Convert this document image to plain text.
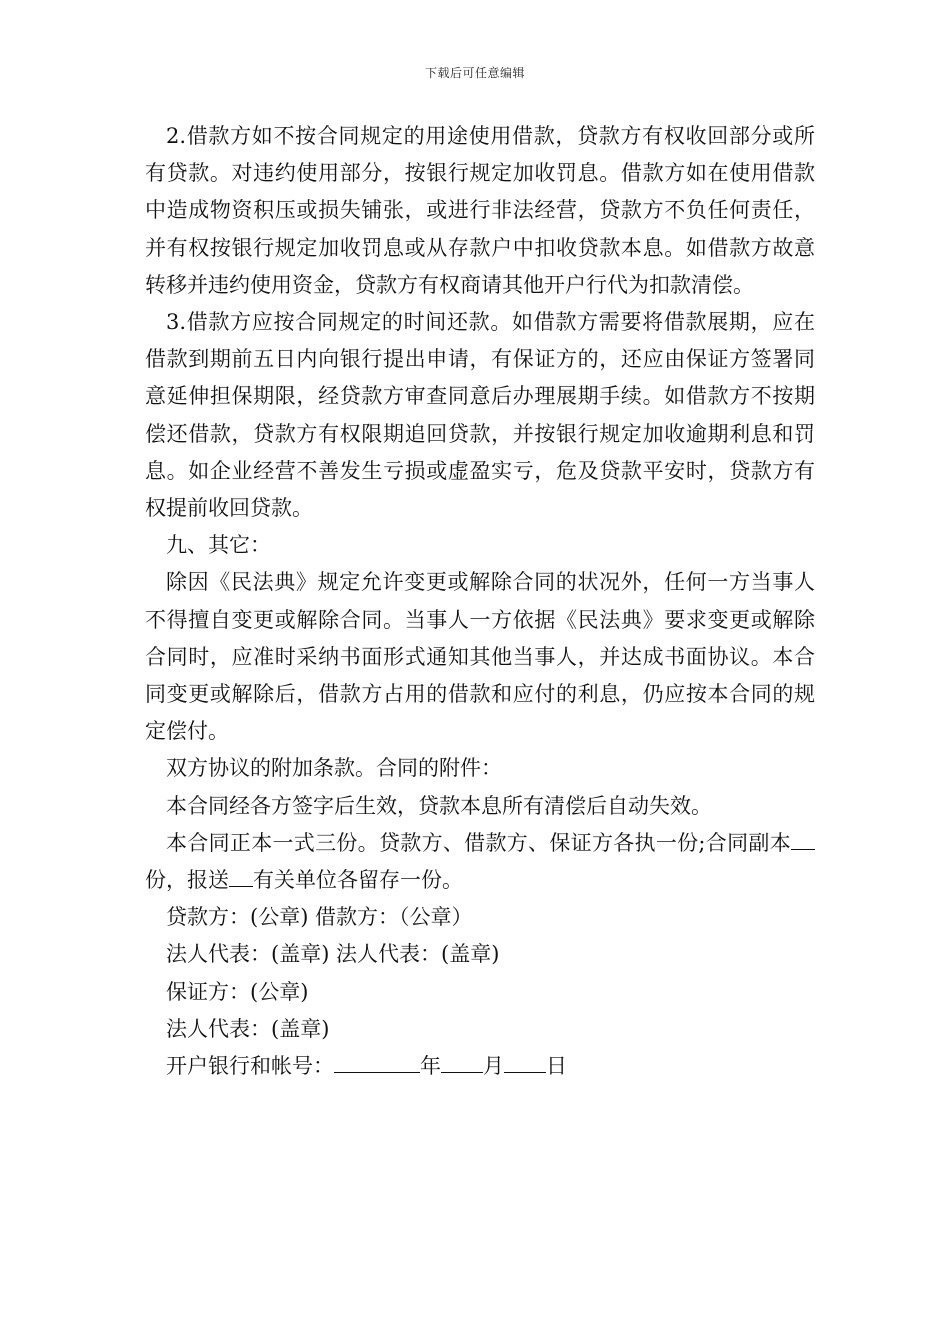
下载后可任意编辑

2.借款方如不按合同规定的用途使用借款，贷款方有权收回部分或所有贷款。对违约使用部分，按银行规定加收罚息。借款方如在使用借款中造成物资积压或损失铺张，或进行非法经营，贷款方不负任何责任，并有权按银行规定加收罚息或从存款户中扣收贷款本息。如借款方故意转移并违约使用资金，贷款方有权商请其他开户行代为扣款清偿。

3.借款方应按合同规定的时间还款。如借款方需要将借款展期，应在借款到期前五日内向银行提出申请，有保证方的，还应由保证方签署同意延伸担保期限，经贷款方审查同意后办理展期手续。如借款方不按期偿还借款，贷款方有权限期追回贷款，并按银行规定加收逾期利息和罚息。如企业经营不善发生亏损或虚盈实亏，危及贷款平安时，贷款方有权提前收回贷款。

九、其它：

除因《民法典》规定允许变更或解除合同的状况外，任何一方当事人不得擅自变更或解除合同。当事人一方依据《民法典》要求变更或解除合同时，应准时采纳书面形式通知其他当事人，并达成书面协议。本合同变更或解除后，借款方占用的借款和应付的利息，仍应按本合同的规定偿付。

双方协议的附加条款。合同的附件：

本合同经各方签字后生效，贷款本息所有清偿后自动失效。

本合同正本一式三份。贷款方、借款方、保证方各执一份;合同副本份，报送 有关单位各留存一份。

贷款方：(公章) 借款方：（公章）

法人代表：(盖章) 法人代表：(盖章)

保证方：(公章)

法人代表：(盖章)

开户银行和帐号：	年 月 日
